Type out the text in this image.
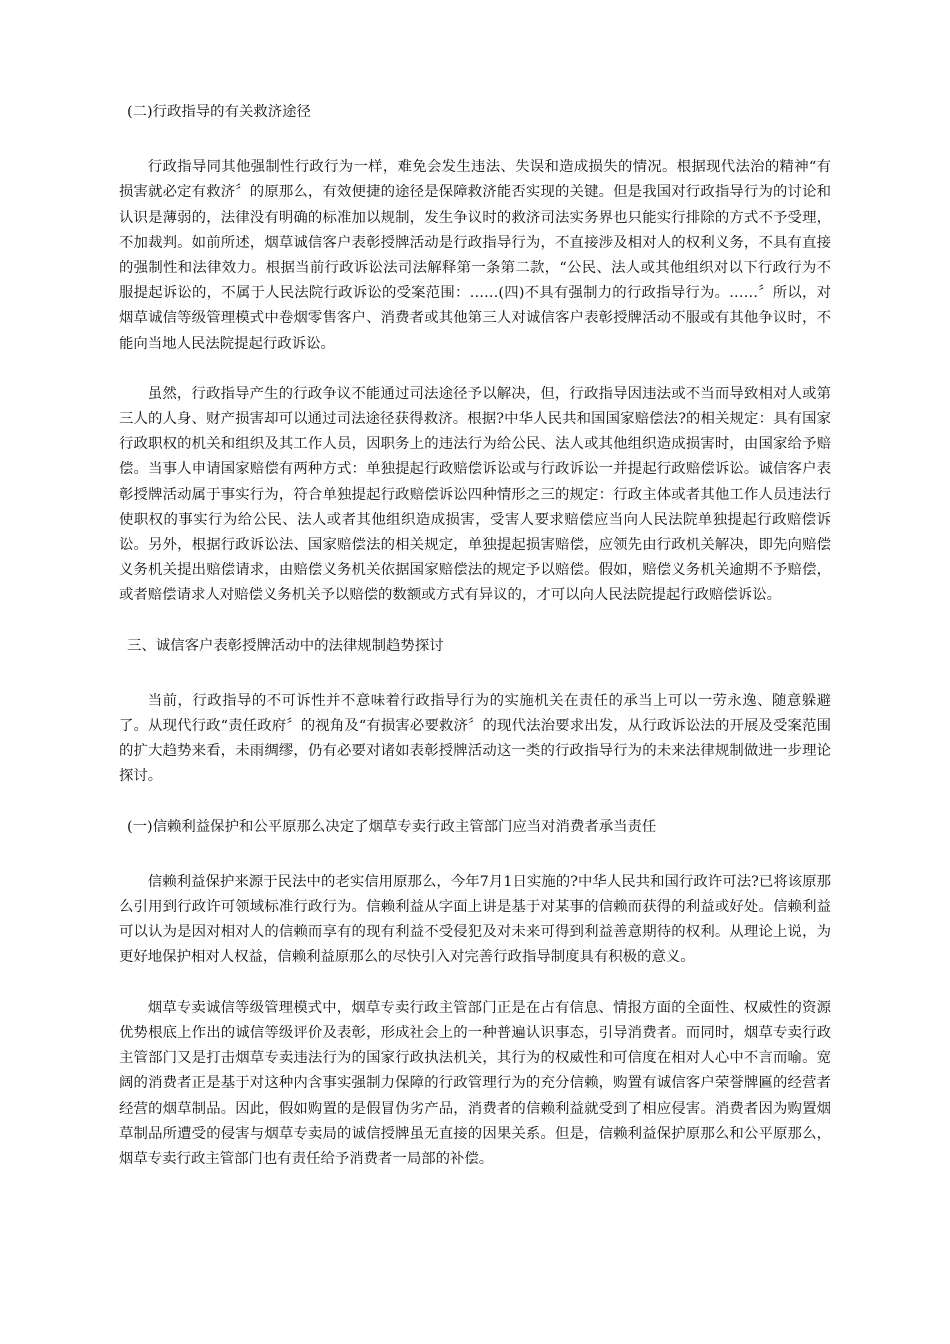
(二)行政指导的有关救济途径

行政指导同其他强制性行政行为一样，难免会发生违法、失误和造成损失的情况。根据现代法治的精神“有损害就必定有救济〞的原那么，有效便捷的途径是保障救济能否实现的关键。但是我国对行政指导行为的讨论和认识是薄弱的，法律没有明确的标准加以规制，发生争议时的救济司法实务界也只能实行排除的方式不予受理，不加裁判。如前所述，烟草诚信客户表彰授牌活动是行政指导行为，不直接涉及相对人的权利义务，不具有直接的强制性和法律效力。根据当前行政诉讼法司法解释第一条第二款，“公民、法人或其他组织对以下行政行为不服提起诉讼的，不属于人民法院行政诉讼的受案范围：……(四)不具有强制力的行政指导行为。……〞所以，对烟草诚信等级管理模式中卷烟零售客户、消费者或其他第三人对诚信客户表彰授牌活动不服或有其他争议时，不能向当地人民法院提起行政诉讼。

虽然，行政指导产生的行政争议不能通过司法途径予以解决，但，行政指导因违法或不当而导致相对人或第三人的人身、财产损害却可以通过司法途径获得救济。根据?中华人民共和国国家赔偿法?的相关规定：具有国家行政职权的机关和组织及其工作人员，因职务上的违法行为给公民、法人或其他组织造成损害时，由国家给予赔偿。当事人申请国家赔偿有两种方式：单独提起行政赔偿诉讼或与行政诉讼一并提起行政赔偿诉讼。诚信客户表彰授牌活动属于事实行为，符合单独提起行政赔偿诉讼四种情形之三的规定：行政主体或者其他工作人员违法行使职权的事实行为给公民、法人或者其他组织造成损害，受害人要求赔偿应当向人民法院单独提起行政赔偿诉讼。另外，根据行政诉讼法、国家赔偿法的相关规定，单独提起损害赔偿，应领先由行政机关解决，即先向赔偿义务机关提出赔偿请求，由赔偿义务机关依据国家赔偿法的规定予以赔偿。假如，赔偿义务机关逾期不予赔偿，或者赔偿请求人对赔偿义务机关予以赔偿的数额或方式有异议的，才可以向人民法院提起行政赔偿诉讼。

三、诚信客户表彰授牌活动中的法律规制趋势探讨

当前，行政指导的不可诉性并不意味着行政指导行为的实施机关在责任的承当上可以一劳永逸、随意躲避了。从现代行政“责任政府〞的视角及“有损害必要救济〞的现代法治要求出发，从行政诉讼法的开展及受案范围的扩大趋势来看，未雨绸缪，仍有必要对诸如表彰授牌活动这一类的行政指导行为的未来法律规制做进一步理论探讨。

(一)信赖利益保护和公平原那么决定了烟草专卖行政主管部门应当对消费者承当责任

信赖利益保护来源于民法中的老实信用原那么，今年7月1日实施的?中华人民共和国行政许可法?已将该原那么引用到行政许可领域标准行政行为。信赖利益从字面上讲是基于对某事的信赖而获得的利益或好处。信赖利益可以认为是因对相对人的信赖而享有的现有利益不受侵犯及对未来可得到利益善意期待的权利。从理论上说，为更好地保护相对人权益，信赖利益原那么的尽快引入对完善行政指导制度具有积极的意义。

烟草专卖诚信等级管理模式中，烟草专卖行政主管部门正是在占有信息、情报方面的全面性、权威性的资源优势根底上作出的诚信等级评价及表彰，形成社会上的一种普遍认识事态，引导消费者。而同时，烟草专卖行政主管部门又是打击烟草专卖违法行为的国家行政执法机关，其行为的权威性和可信度在相对人心中不言而喻。宽阔的消费者正是基于对这种内含事实强制力保障的行政管理行为的充分信赖，购置有诚信客户荣誉牌匾的经营者经营的烟草制品。因此，假如购置的是假冒伪劣产品，消费者的信赖利益就受到了相应侵害。消费者因为购置烟草制品所遭受的侵害与烟草专卖局的诚信授牌虽无直接的因果关系。但是，信赖利益保护原那么和公平原那么，烟草专卖行政主管部门也有责任给予消费者一局部的补偿。
